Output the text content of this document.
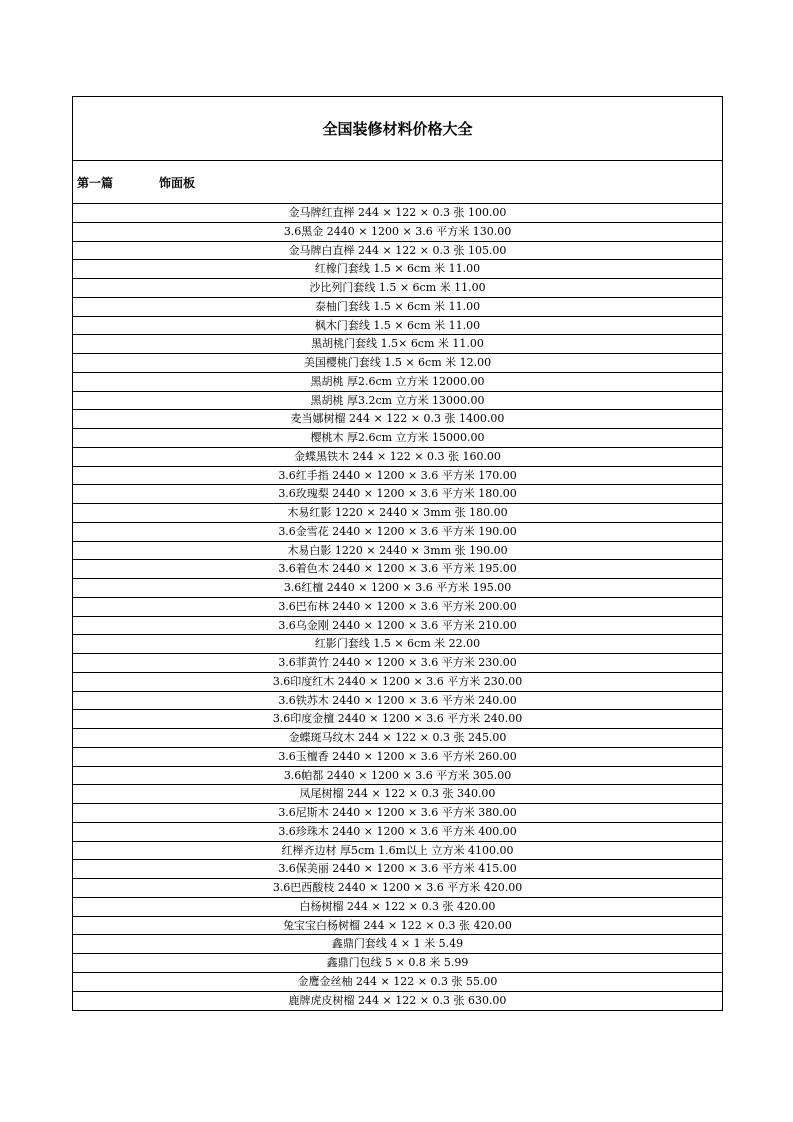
全国装修材料价格大全
第一篇	饰面板
金马牌红直榉 244 × 122 × 0.3 张 100.00
3.6黑金 2440 × 1200 × 3.6 平方米 130.00
金马牌白直榉 244 × 122 × 0.3 张 105.00
红橡门套线 1.5 × 6cm 米 11.00
沙比列门套线 1.5 × 6cm 米 11.00
泰柚门套线 1.5 × 6cm 米 11.00
枫木门套线 1.5 × 6cm 米 11.00
黑胡桃门套线 1.5× 6cm 米 11.00
美国樱桃门套线 1.5 × 6cm 米 12.00
黑胡桃 厚2.6cm 立方米 12000.00
黑胡桃 厚3.2cm 立方米 13000.00
麦当娜树榴 244 × 122 × 0.3 张 1400.00
樱桃木 厚2.6cm 立方米 15000.00
金蝶黑铁木 244 × 122 × 0.3 张 160.00
3.6红手指 2440 × 1200 × 3.6 平方米 170.00
3.6玫瑰梨 2440 × 1200 × 3.6 平方米 180.00
木易红影 1220 × 2440 × 3mm 张 180.00
3.6金雪花 2440 × 1200 × 3.6 平方米 190.00
木易白影 1220 × 2440 × 3mm 张 190.00
3.6着色木 2440 × 1200 × 3.6 平方米 195.00
3.6红檀 2440 × 1200 × 3.6 平方米 195.00
3.6巴布林 2440 × 1200 × 3.6 平方米 200.00
3.6乌金刚 2440 × 1200 × 3.6 平方米 210.00
红影门套线 1.5 × 6cm 米 22.00
3.6菲黄竹 2440 × 1200 × 3.6 平方米 230.00
3.6印度红木 2440 × 1200 × 3.6 平方米 230.00
3.6铁苏木 2440 × 1200 × 3.6 平方米 240.00
3.6印度金檀 2440 × 1200 × 3.6 平方米 240.00
金蝶斑马纹木 244 × 122 × 0.3 张 245.00
3.6玉檀香 2440 × 1200 × 3.6 平方米 260.00
3.6帕都 2440 × 1200 × 3.6 平方米 305.00
凤尾树榴 244 × 122 × 0.3 张 340.00
3.6尼斯木 2440 × 1200 × 3.6 平方米 380.00
3.6珍珠木 2440 × 1200 × 3.6 平方米 400.00
红榉齐边材 厚5cm 1.6m以上 立方米 4100.00
3.6保美丽 2440 × 1200 × 3.6 平方米 415.00
3.6巴西酸枝 2440 × 1200 × 3.6 平方米 420.00
白杨树榴 244 × 122 × 0.3 张 420.00
兔宝宝白杨树榴 244 × 122 × 0.3 张 420.00
鑫鼎门套线 4 × 1 米 5.49
鑫鼎门包线 5 × 0.8 米 5.99
金鹰金丝柚 244 × 122 × 0.3 张 55.00
鹿牌虎皮树榴 244 × 122 × 0.3 张 630.00
